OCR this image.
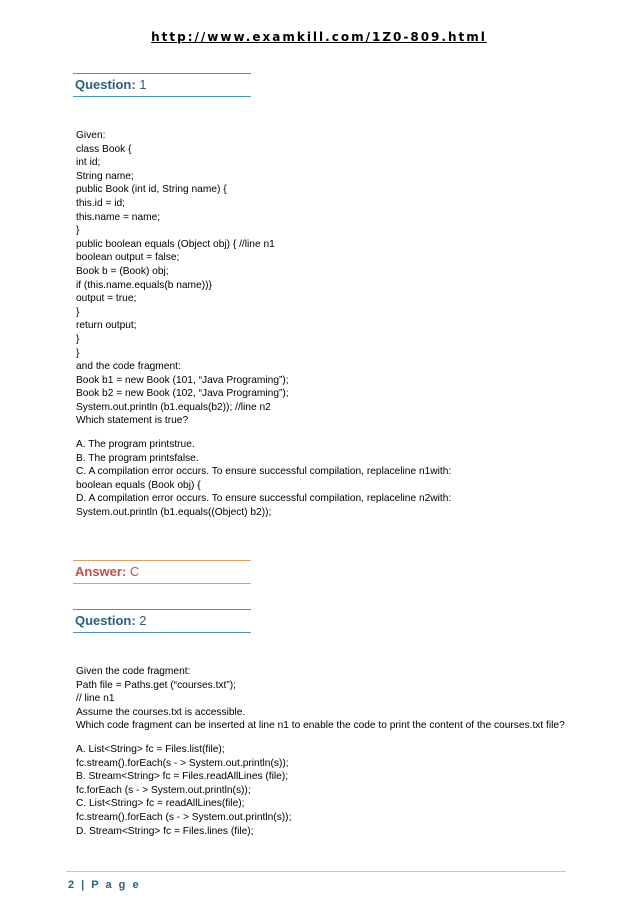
http://www.examkill.com/1Z0-809.html
Question: 1
Given:
class Book {
int id;
String name;
public Book (int id, String name) {
this.id = id;
this.name = name;
}
public boolean equals (Object obj) { //line n1
boolean output = false;
Book b = (Book) obj;
if (this.name.equals(b name))}
output = true;
}
return output;
}
}
and the code fragment:
Book b1 = new Book (101, “Java Programing”);
Book b2 = new Book (102, “Java Programing”);
System.out.println (b1.equals(b2)); //line n2
Which statement is true?
A. The program printstrue.
B. The program printsfalse.
C. A compilation error occurs. To ensure successful compilation, replaceline n1with:
boolean equals (Book obj) {
D. A compilation error occurs. To ensure successful compilation, replaceline n2with:
System.out.println (b1.equals((Object) b2));
Answer: C
Question: 2
Given the code fragment:
Path file = Paths.get (“courses.txt”);
// line n1
Assume the courses.txt is accessible.
Which code fragment can be inserted at line n1 to enable the code to print the content of the courses.txt file?
A. List<String> fc = Files.list(file);
fc.stream().forEach(s - > System.out.println(s));
B. Stream<String> fc = Files.readAllLines (file);
fc.forEach (s - > System.out.println(s));
C. List<String> fc = readAllLines(file);
fc.stream().forEach (s - > System.out.println(s));
D. Stream<String> fc = Files.lines (file);
2 | P a g e
